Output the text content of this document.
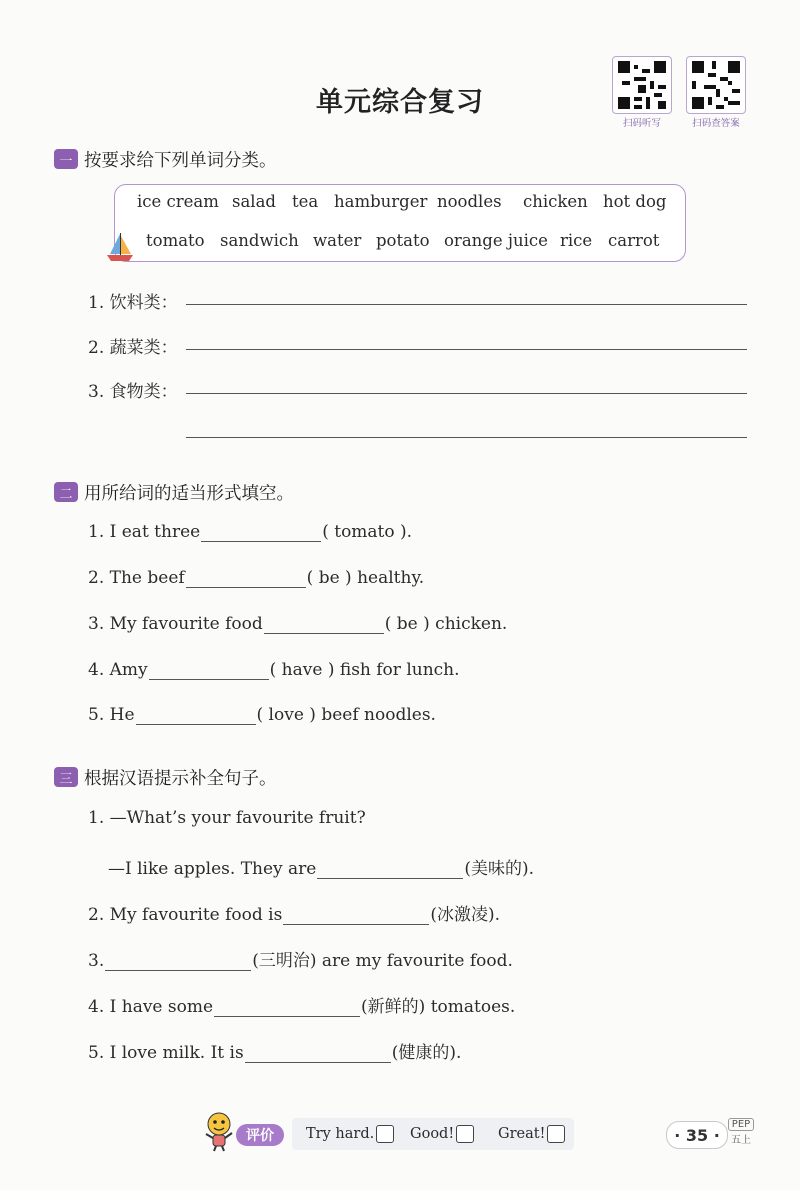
单元综合复习
扫码听写	扫码查答案
一 按要求给下列单词分类。
ice cream salad tea hamburger noodles chicken hot dog
tomato sandwich water potato orange juice rice carrot
1. 饮料类：
2. 蔬菜类：
3. 食物类：
二 用所给词的适当形式填空。
1. I eat three	( tomato ).
2. The beef	( be ) healthy.
3. My favourite food	( be ) chicken.
4. Amy	( have ) fish for lunch.
5. He	( love ) beef noodles.
三 根据汉语提示补全句子。
1. —What’s your favourite fruit?
—I like apples. They are	(美味的).
2. My favourite food is	(冰激凌).
3.	(三明治) are my favourite food.
4. I have some	(新鲜的) tomatoes.
5. I love milk. It is	(健康的).
评价	Try hard. Good!	Great!	· 35 ·
PEP
五上
